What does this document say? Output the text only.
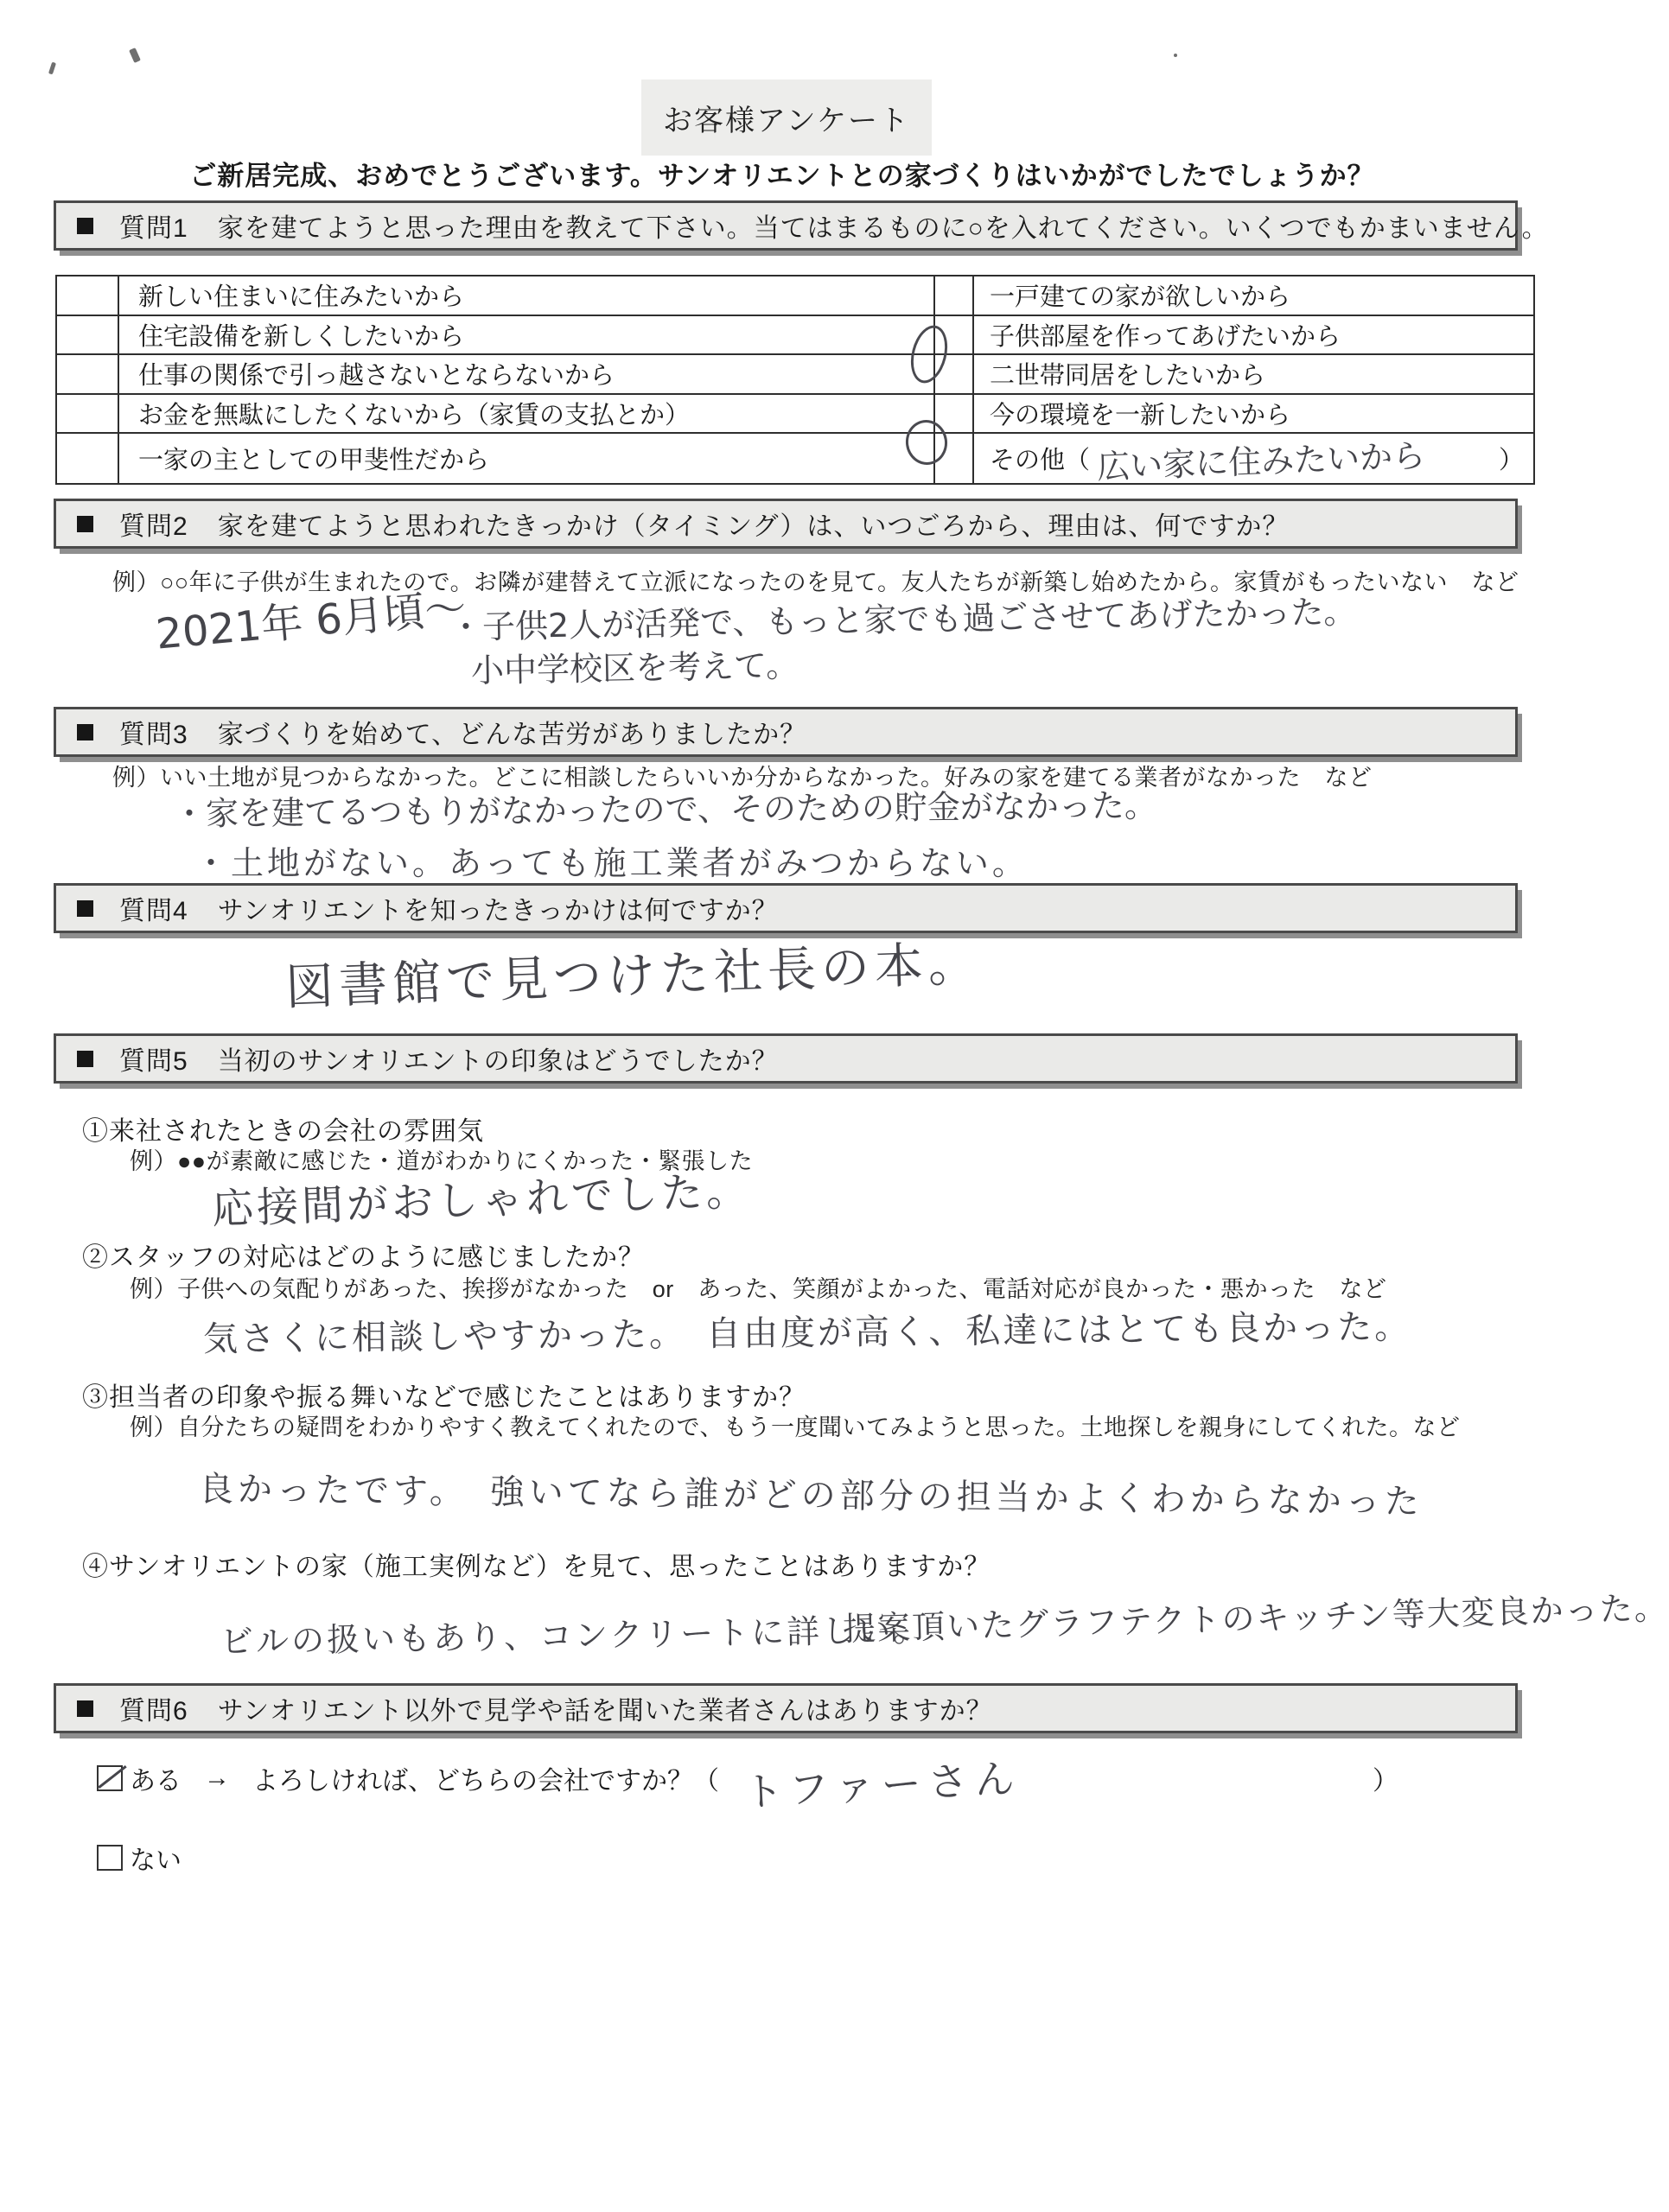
お客様アンケート
ご新居完成、おめでとうございます。サンオリエントとの家づくりはいかがでしたでしょうか？
質問1 家を建てようと思った理由を教えて下さい。当てはまるものに○を入れてください。いくつでもかまいません。
	新しい住まいに住みたいから		一戸建ての家が欲しいから
	住宅設備を新しくしたいから		子供部屋を作ってあげたいから
	仕事の関係で引っ越さないとならないから		二世帯同居をしたいから
	お金を無駄にしたくないから（家賃の支払とか）		今の環境を一新したいから
	一家の主としての甲斐性だから		その他（ 広い家に住みたいから ）
質問2 家を建てようと思われたきっかけ（タイミング）は、いつごろから、理由は、何ですか？
例）○○年に子供が生まれたので。お隣が建替えて立派になったのを見て。友人たちが新築し始めたから。家賃がもったいない　など
2021年 6月頃～
・子供2人が活発で、もっと家でも過ごさせてあげたかった。
小中学校区を考えて。
質問3 家づくりを始めて、どんな苦労がありましたか？
例）いい土地が見つからなかった。どこに相談したらいいか分からなかった。好みの家を建てる業者がなかった　など
・家を建てるつもりがなかったので、そのための貯金がなかった。
・土地がない。あっても施工業者がみつからない。
質問4 サンオリエントを知ったきっかけは何ですか？
図書館で見つけた社長の本。
質問5 当初のサンオリエントの印象はどうでしたか？
①来社されたときの会社の雰囲気
例）●●が素敵に感じた・道がわかりにくかった・緊張した
応接間がおしゃれでした。
②スタッフの対応はどのように感じましたか？
例）子供への気配りがあった、挨拶がなかった　or　あった、笑顔がよかった、電話対応が良かった・悪かった　など
気さくに相談しやすかった。　自由度が高く、私達にはとても良かった。
③担当者の印象や振る舞いなどで感じたことはありますか？
例）自分たちの疑問をわかりやすく教えてくれたので、もう一度聞いてみようと思った。土地探しを親身にしてくれた。など
良かったです。　強いてなら誰がどの部分の担当かよくわからなかった
④サンオリエントの家（施工実例など）を見て、思ったことはありますか？
ビルの扱いもあり、コンクリートに詳しい。
提案頂いたグラフテクトのキッチン等大変良かった。
質問6 サンオリエント以外で見学や話を聞いた業者さんはありますか？
ある → よろしければ、どちらの会社ですか？（ トファーさん	）
ない
